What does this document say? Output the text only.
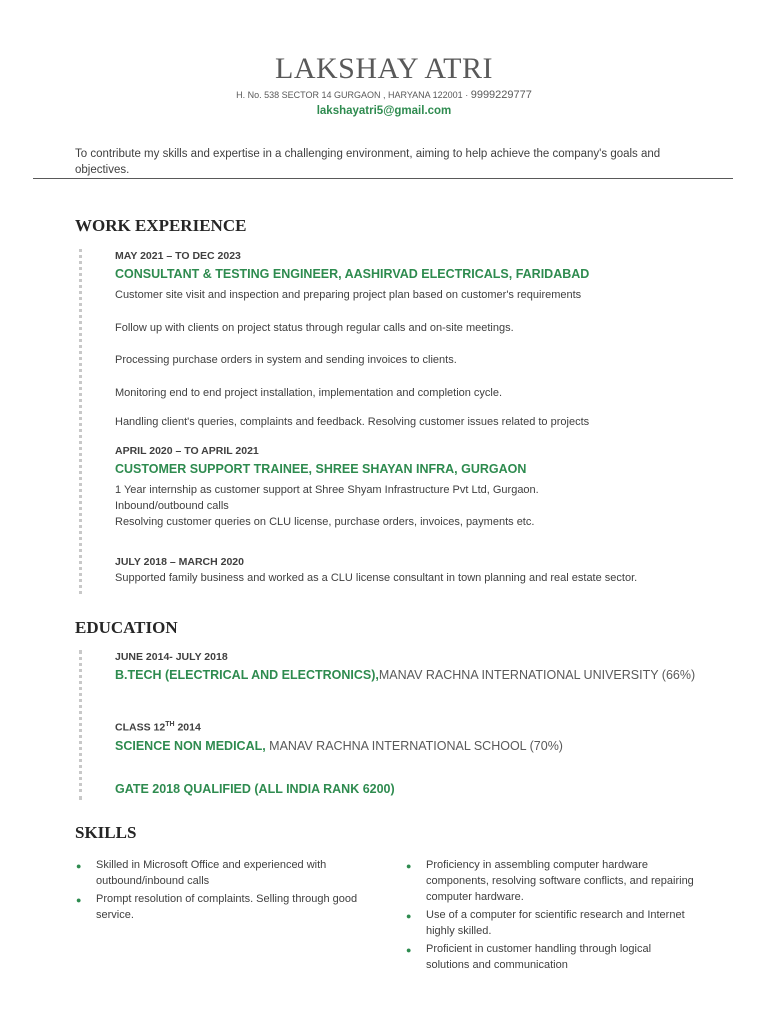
LAKSHAY ATRI
H. No. 538 SECTOR 14 GURGAON , HARYANA 122001 · 9999229777
lakshayatri5@gmail.com
To contribute my skills and expertise in a challenging environment, aiming to help achieve the company's goals and objectives.
WORK EXPERIENCE
MAY 2021 – TO DEC 2023
CONSULTANT & TESTING ENGINEER, AASHIRVAD ELECTRICALS, FARIDABAD
Customer site visit and inspection and preparing project plan based on customer's requirements
Follow up with clients on project status through regular calls and on-site meetings.
Processing purchase orders in system and sending invoices to clients.
Monitoring end to end project installation, implementation and completion cycle.
Handling client's queries, complaints and feedback. Resolving customer issues related to projects
APRIL 2020 – TO APRIL 2021
CUSTOMER SUPPORT TRAINEE, SHREE SHAYAN INFRA, GURGAON
1 Year internship as customer support at Shree Shyam Infrastructure Pvt Ltd, Gurgaon.
Inbound/outbound calls
Resolving customer queries on CLU license, purchase orders, invoices, payments etc.
JULY 2018 – MARCH 2020
Supported family business and worked as a CLU license consultant in town planning and real estate sector.
EDUCATION
JUNE 2014- JULY 2018
B.TECH (ELECTRICAL AND ELECTRONICS),MANAV RACHNA INTERNATIONAL UNIVERSITY (66%)
CLASS 12TH 2014
SCIENCE NON MEDICAL, MANAV RACHNA INTERNATIONAL SCHOOL (70%)
GATE 2018 QUALIFIED (ALL INDIA RANK 6200)
SKILLS
● Skilled in Microsoft Office and experienced with outbound/inbound calls
● Prompt resolution of complaints. Selling through good service.
● Proficiency in assembling computer hardware components, resolving software conflicts, and repairing computer hardware.
● Use of a computer for scientific research and Internet highly skilled.
● Proficient in customer handling through logical solutions and communication
